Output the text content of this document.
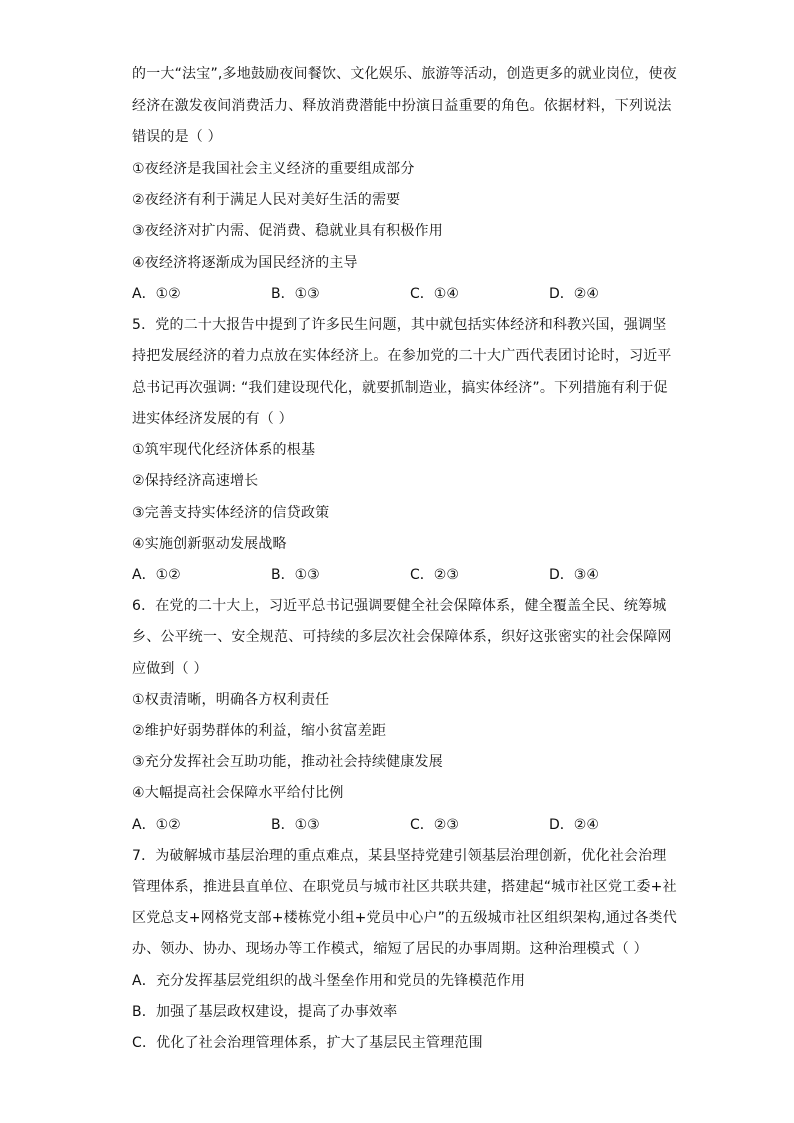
的一大“法宝”,多地鼓励夜间餐饮、文化娱乐、旅游等活动，创造更多的就业岗位，使夜
经济在激发夜间消费活力、释放消费潜能中扮演日益重要的角色。依据材料，下列说法
错误的是（ ）
①夜经济是我国社会主义经济的重要组成部分
②夜经济有利于满足人民对美好生活的需要
③夜经济对扩内需、促消费、稳就业具有积极作用
④夜经济将逐渐成为国民经济的主导
A．①②	B．①③	C．①④	D．②④
5．党的二十大报告中提到了许多民生问题，其中就包括实体经济和科教兴国，强调坚
持把发展经济的着力点放在实体经济上。在参加党的二十大广西代表团讨论时，习近平
总书记再次强调: “我们建设现代化，就要抓制造业，搞实体经济”。下列措施有利于促
进实体经济发展的有（ ）
①筑牢现代化经济体系的根基
②保持经济高速增长
③完善支持实体经济的信贷政策
④实施创新驱动发展战略
A．①②	B．①③	C．②③	D．③④
6．在党的二十大上，习近平总书记强调要健全社会保障体系，健全覆盖全民、统筹城
乡、公平统一、安全规范、可持续的多层次社会保障体系，织好这张密实的社会保障网
应做到（ ）
①权责清晰，明确各方权利责任
②维护好弱势群体的利益，缩小贫富差距
③充分发挥社会互助功能，推动社会持续健康发展
④大幅提高社会保障水平给付比例
A．①②	B．①③	C．②③	D．②④
7．为破解城市基层治理的重点难点，某县坚持党建引领基层治理创新，优化社会治理
管理体系，推进县直单位、在职党员与城市社区共联共建，搭建起“城市社区党工委+社
区党总支+网格党支部+楼栋党小组+党员中心户”的五级城市社区组织架构,通过各类代
办、领办、协办、现场办等工作模式，缩短了居民的办事周期。这种治理模式（ ）
A．充分发挥基层党组织的战斗堡垒作用和党员的先锋模范作用
B．加强了基层政权建设，提高了办事效率
C．优化了社会治理管理体系，扩大了基层民主管理范围
